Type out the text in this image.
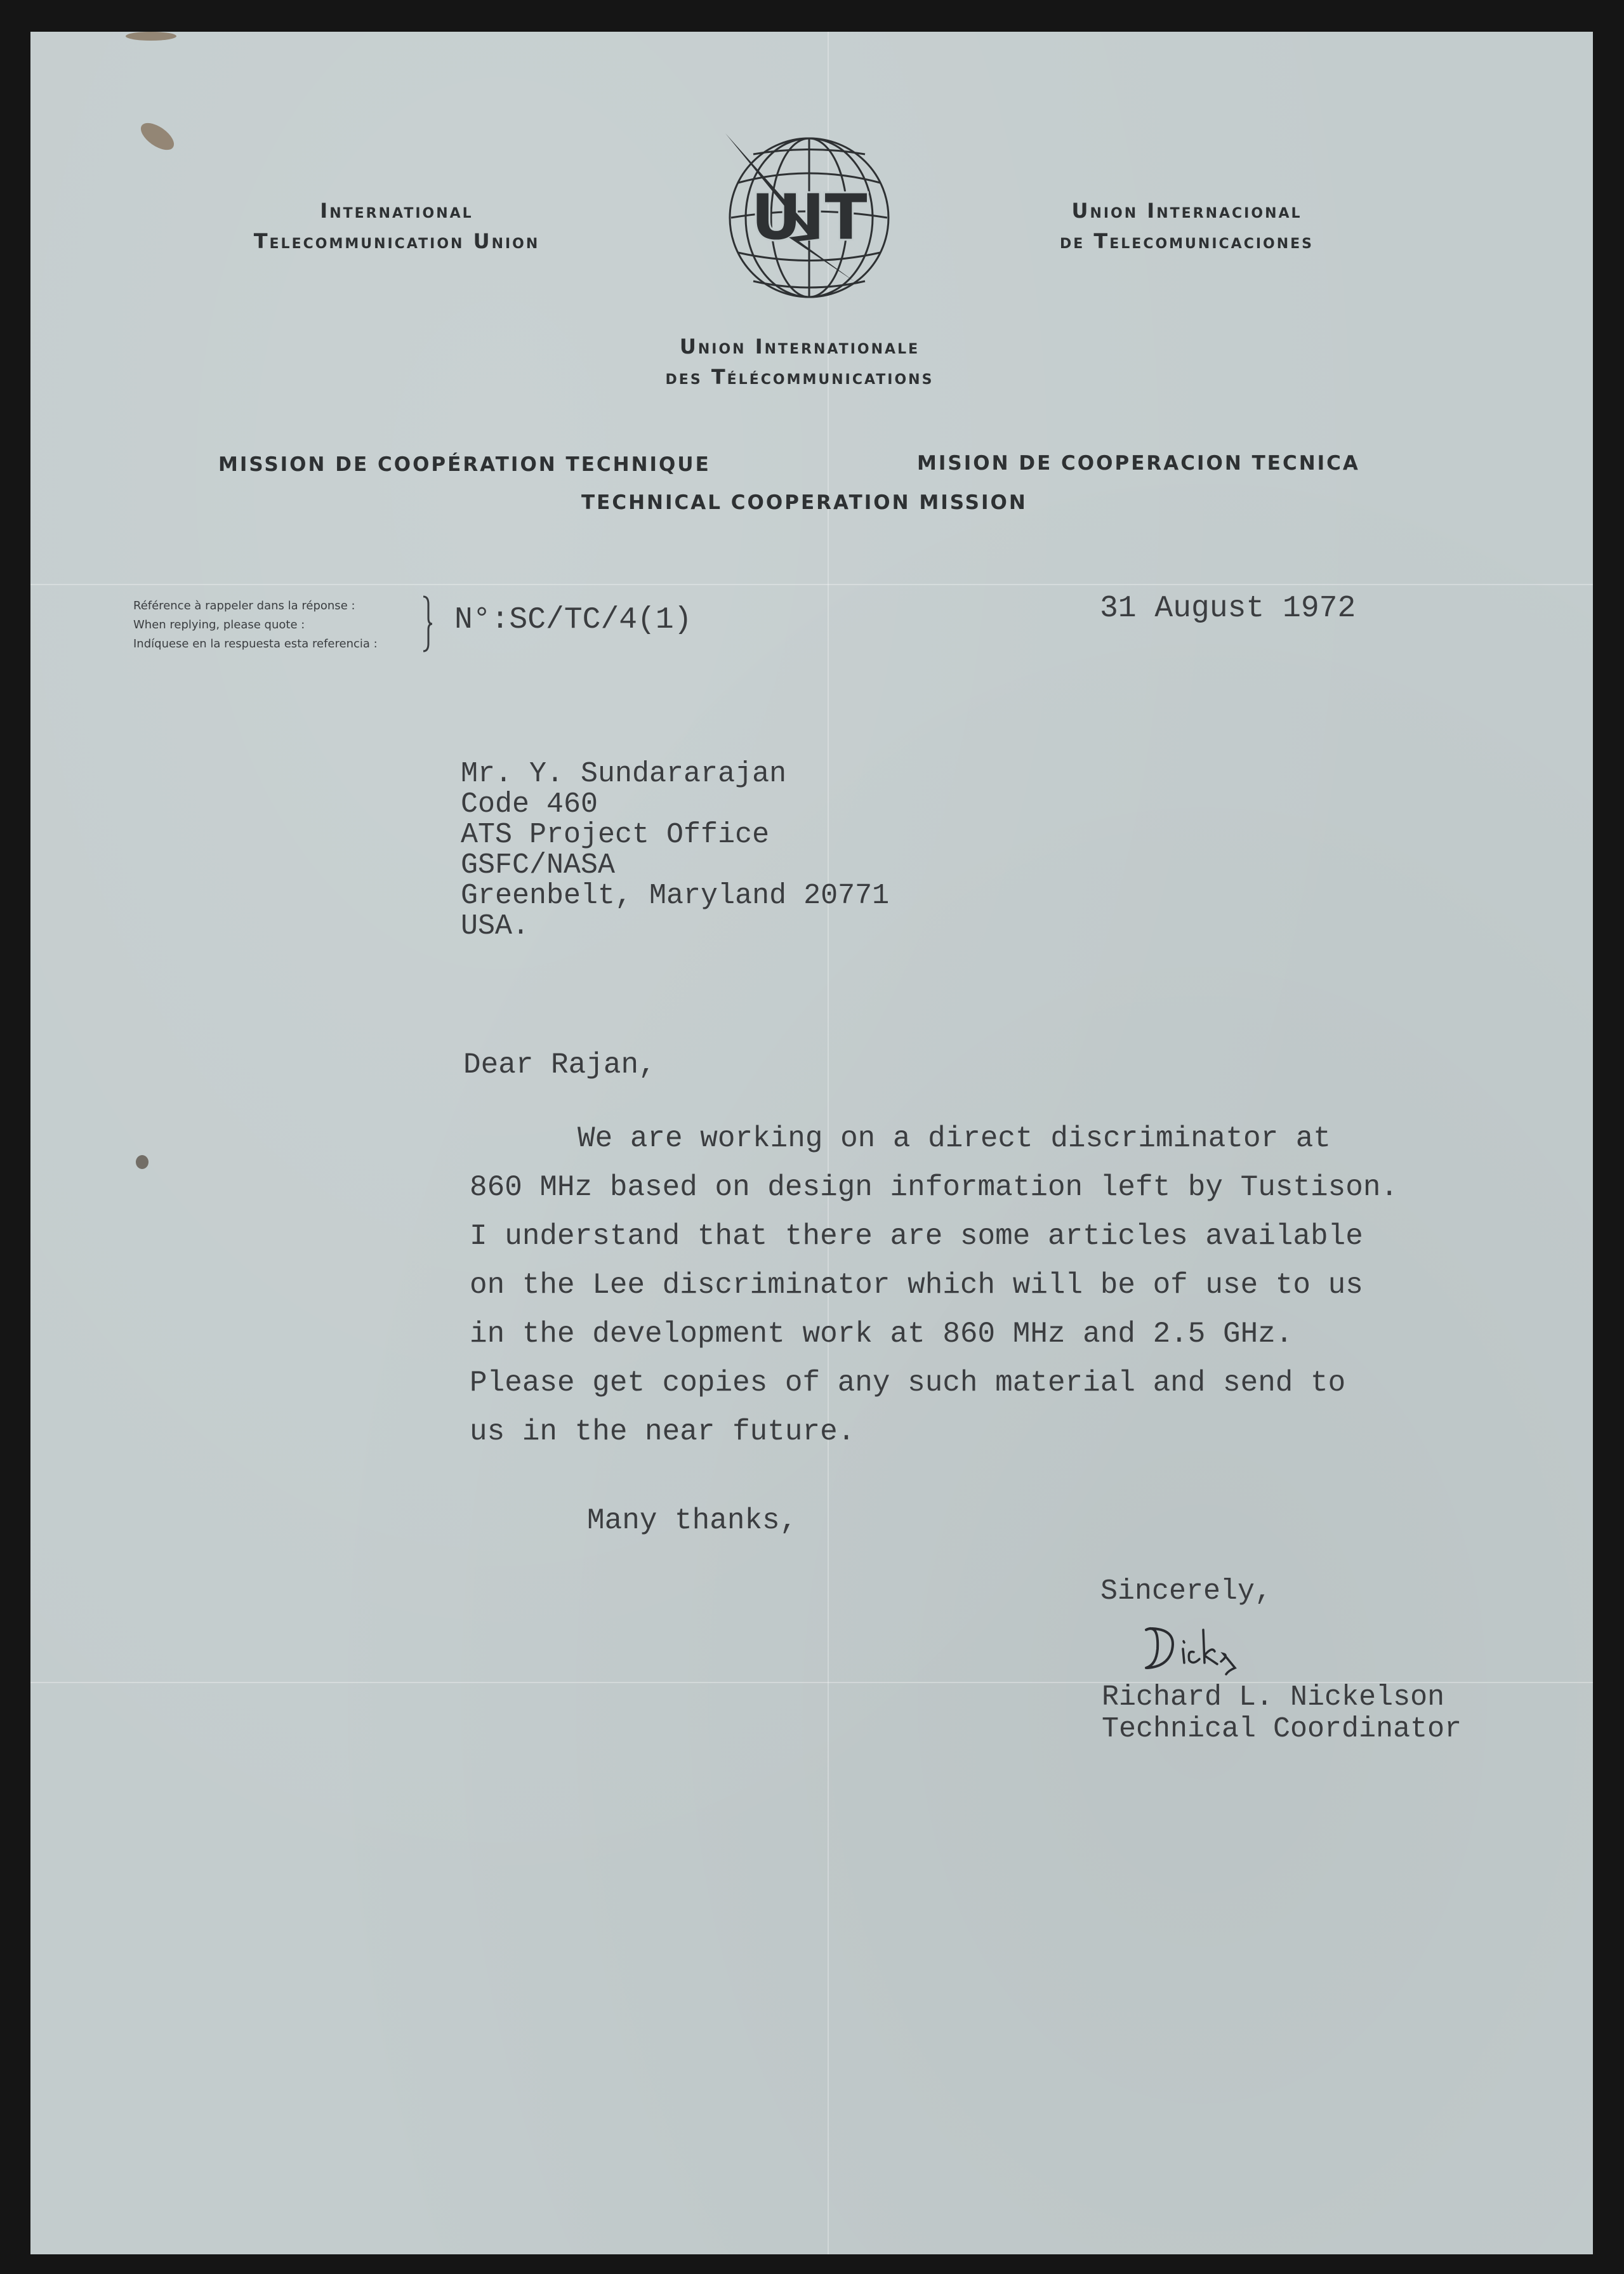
International
Telecommunication Union	UIT	Union Internacional
de Telecomunicaciones
Union Internationale
des Télécommunications
MISSION DE COOPÉRATION TECHNIQUE	MISION DE COOPERACION TECNICA
TECHNICAL COOPERATION MISSION
Référence à rappeler dans la réponse :
When replying, please quote :
Indíquese en la respuesta esta referencia :
N°:SC/TC/4(1)	31 August 1972
Mr. Y. Sundararajan
Code 460
ATS Project Office
GSFC/NASA
Greenbelt, Maryland 20771
USA.
Dear Rajan,
We are working on a direct discriminator at
860 MHz based on design information left by Tustison.
I understand that there are some articles available
on the Lee discriminator which will be of use to us
in the development work at 860 MHz and 2.5 GHz.
Please get copies of any such material and send to
us in the near future.
Many thanks,
Sincerely,
Richard L. Nickelson
Technical Coordinator
